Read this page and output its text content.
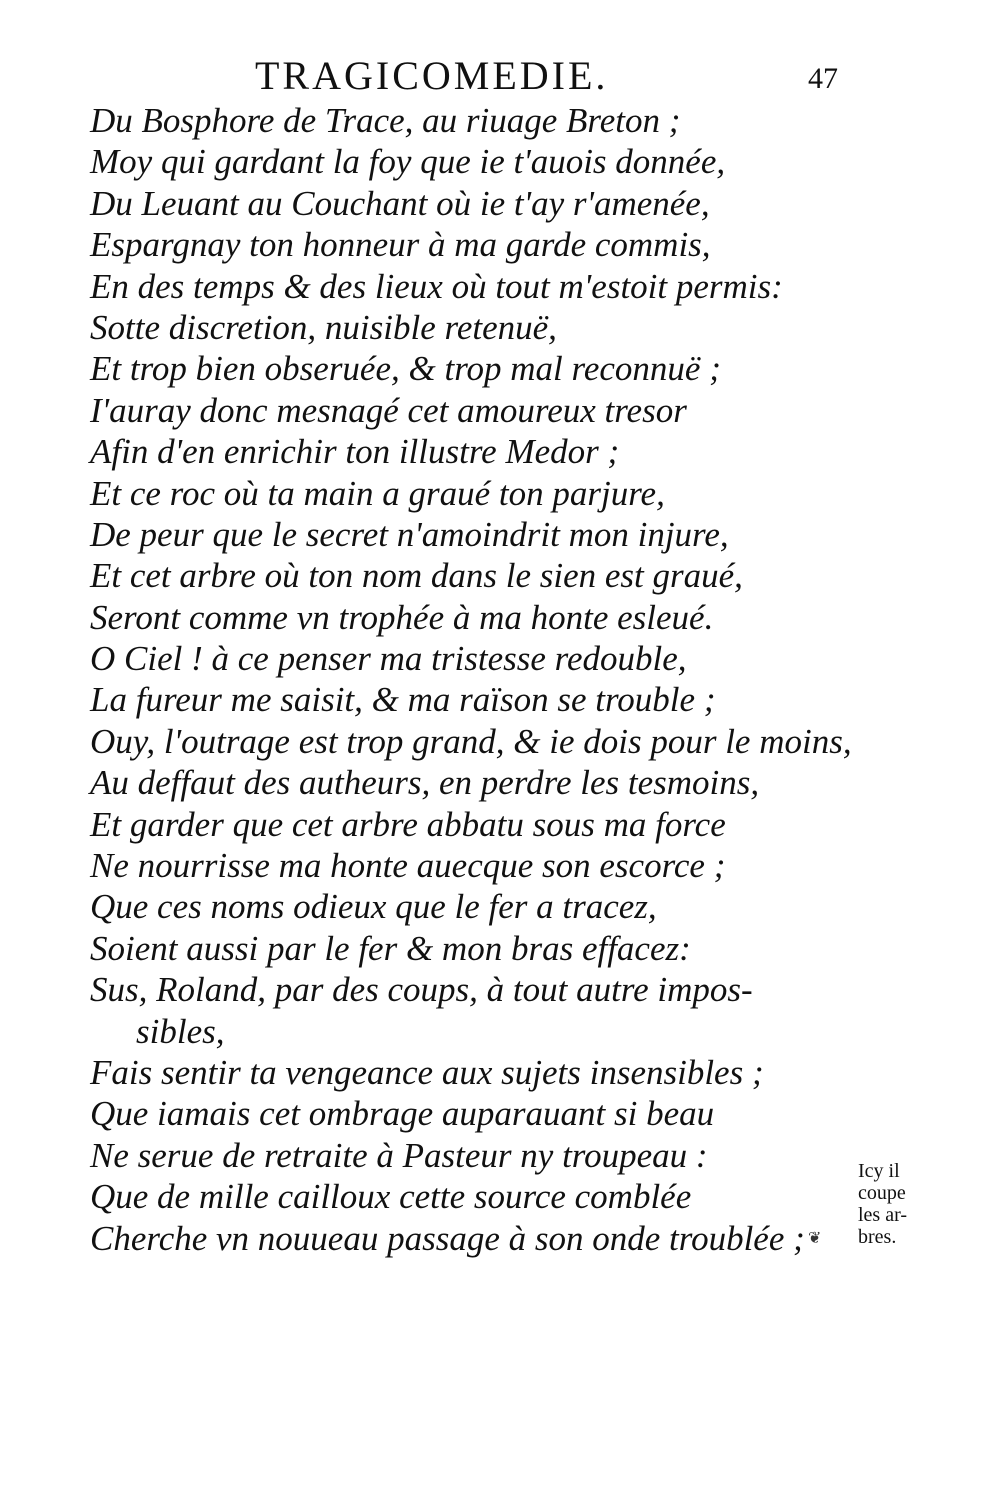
TRAGICOMEDIE.	47
Du Bosphore de Trace, au riuage Breton ;
Moy qui gardant la foy que ie t'auois donnée,
Du Leuant au Couchant où ie t'ay r'amenée,
Espargnay ton honneur à ma garde commis,
En des temps & des lieux où tout m'estoit permis:
Sotte discretion, nuisible retenuë,
Et trop bien obseruée, & trop mal reconnuë ;
I'auray donc mesnagé cet amoureux tresor
Afin d'en enrichir ton illustre Medor ;
Et ce roc où ta main a graué ton parjure,
De peur que le secret n'amoindrit mon injure,
Et cet arbre où ton nom dans le sien est graué,
Seront comme vn trophée à ma honte esleué.
O Ciel ! à ce penser ma tristesse redouble,
La fureur me saisit, & ma raïson se trouble ;
Ouy, l'outrage est trop grand, & ie dois pour le moins,
Au deffaut des autheurs, en perdre les tesmoins,
Et garder que cet arbre abbatu sous ma force
Ne nourrisse ma honte auecque son escorce ;
Que ces noms odieux que le fer a tracez,
Soient aussi par le fer & mon bras effacez:
Sus, Roland, par des coups, à tout autre impos-
sibles,
Fais sentir ta vengeance aux sujets insensibles ;
Que iamais cet ombrage auparauant si beau
Ne serue de retraite à Pasteur ny troupeau :
Que de mille cailloux cette source comblée
Cherche vn nouueau passage à son onde troublée ;
Icy il
coupe
les ar-
bres.
❦
